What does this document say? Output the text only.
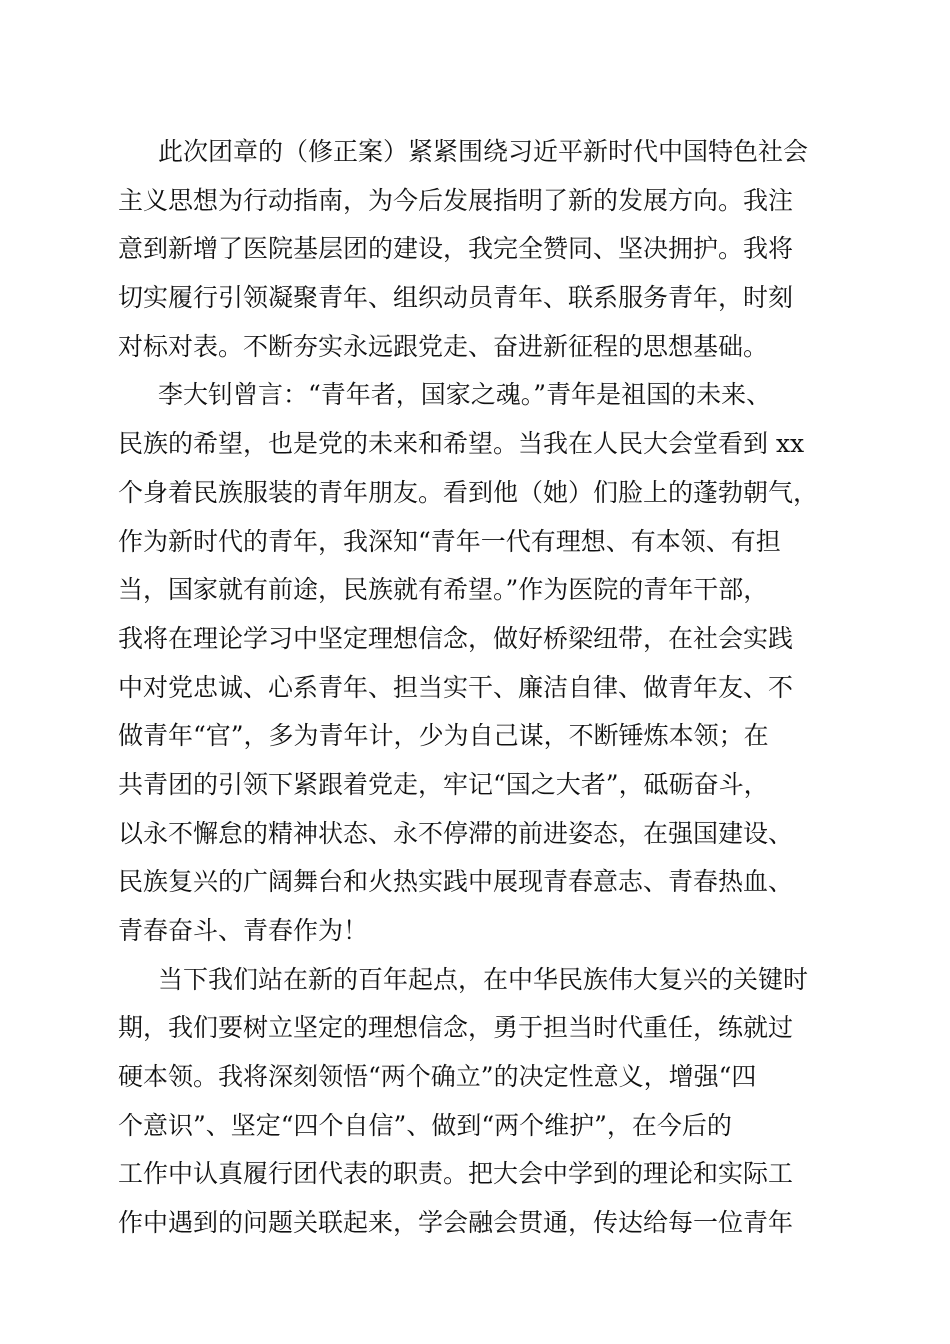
此次团章的（修正案）紧紧围绕习近平新时代中国特色社会
主义思想为行动指南，为今后发展指明了新的发展方向。我注
意到新增了医院基层团的建设，我完全赞同、坚决拥护。我将
切实履行引领凝聚青年、组织动员青年、联系服务青年，时刻
对标对表。不断夯实永远跟党走、奋进新征程的思想基础。
李大钊曾言：“青年者，国家之魂。”青年是祖国的未来、
民族的希望，也是党的未来和希望。当我在人民大会堂看到 xx
个身着民族服装的青年朋友。看到他（她）们脸上的蓬勃朝气，
作为新时代的青年，我深知“青年一代有理想、有本领、有担
当，国家就有前途，民族就有希望。”作为医院的青年干部，
我将在理论学习中坚定理想信念，做好桥梁纽带，在社会实践
中对党忠诚、心系青年、担当实干、廉洁自律、做青年友、不
做青年“官”，多为青年计，少为自己谋，不断锤炼本领；在
共青团的引领下紧跟着党走，牢记“国之大者”，砥砺奋斗，
以永不懈怠的精神状态、永不停滞的前进姿态，在强国建设、
民族复兴的广阔舞台和火热实践中展现青春意志、青春热血、
青春奋斗、青春作为！
当下我们站在新的百年起点，在中华民族伟大复兴的关键时
期，我们要树立坚定的理想信念，勇于担当时代重任，练就过
硬本领。我将深刻领悟“两个确立”的决定性意义，增强“四
个意识”、坚定“四个自信”、做到“两个维护”，在今后的
工作中认真履行团代表的职责。把大会中学到的理论和实际工
作中遇到的问题关联起来，学会融会贯通，传达给每一位青年
